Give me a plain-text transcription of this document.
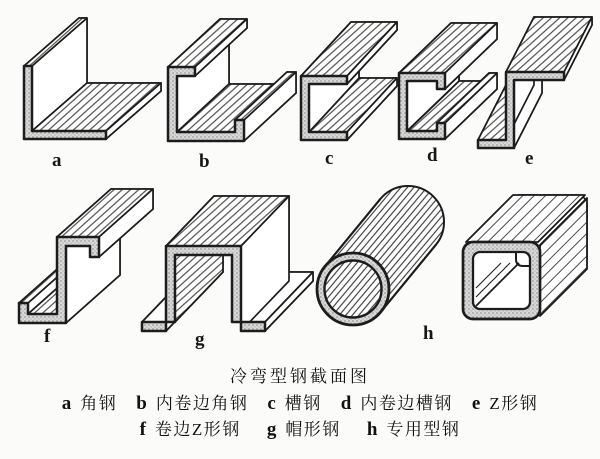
a	b	c	d	e
f	g	h
冷弯型钢截面图
a 角钢 b 内卷边角钢 c 槽钢 d 内卷边槽钢 e Z形钢
f 卷边Z形钢 g 帽形钢 h 专用型钢
